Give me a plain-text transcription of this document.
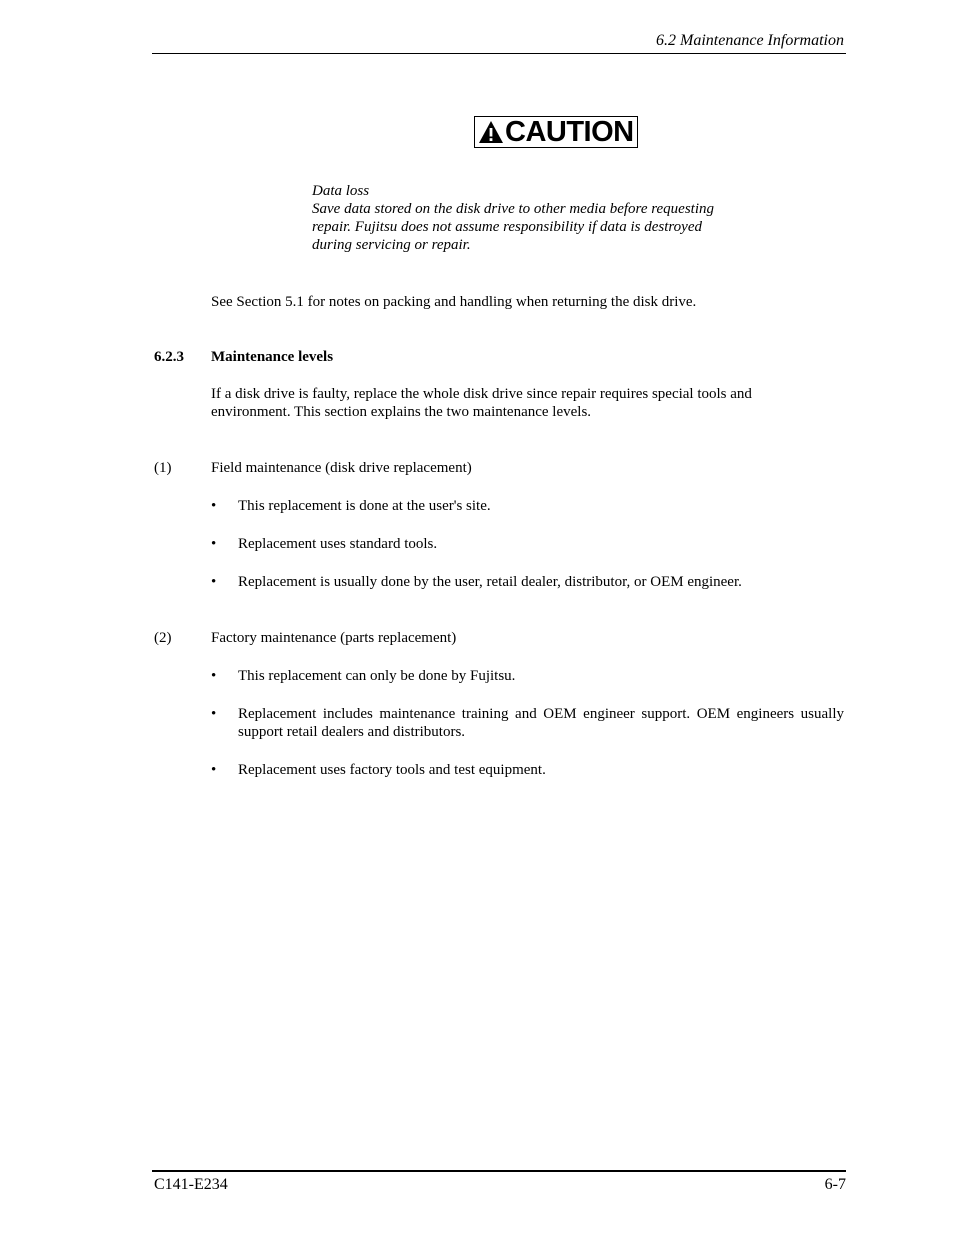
6.2 Maintenance Information
CAUTION
Data loss
Save data stored on the disk drive to other media before requesting
repair. Fujitsu does not assume responsibility if data is destroyed
during servicing or repair.
See Section 5.1 for notes on packing and handling when returning the disk drive.
6.2.3 Maintenance levels
If a disk drive is faulty, replace the whole disk drive since repair requires special tools and
environment. This section explains the two maintenance levels.
(1)	Field maintenance (disk drive replacement)
• This replacement is done at the user's site.
• Replacement uses standard tools.
• Replacement is usually done by the user, retail dealer, distributor, or OEM engineer.
(2)	Factory maintenance (parts replacement)
• This replacement can only be done by Fujitsu.
• Replacement includes maintenance training and OEM engineer support. OEM engineers usually
support retail dealers and distributors.
• Replacement uses factory tools and test equipment.
C141-E234	6-7
